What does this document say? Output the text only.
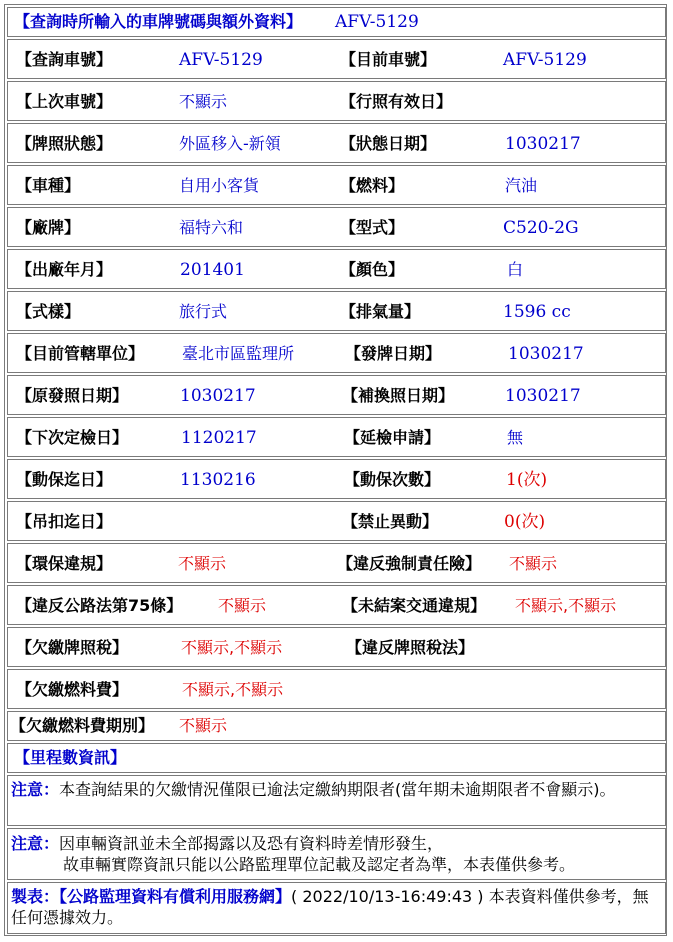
【查詢時所輸入的車牌號碼與額外資料】 AFV-5129
【查詢車號】	AFV-5129	【目前車號】	AFV-5129
【上次車號】	不顯示	【行照有效日】
【牌照狀態】	外區移入-新領	【狀態日期】	1030217
【車種】	自用小客貨	【燃料】	汽油
【廠牌】	福特六和	【型式】	C520-2G
【出廠年月】	201401	【顏色】	白
【式樣】	旅行式	【排氣量】	1596 cc
【目前管轄單位】 臺北市區監理所	【發牌日期】	1030217
【原發照日期】	1030217	【補換照日期】	1030217
【下次定檢日】	1120217	【延檢申請】	無
【動保迄日】	1130216	【動保次數】	1(次)
【吊扣迄日】	【禁止異動】	0(次)
【環保違規】	不顯示	【違反強制責任險】 不顯示
【違反公路法第75條】 不顯示	【未結案交通違規】 不顯示,不顯示
【欠繳牌照稅】	不顯示,不顯示	【違反牌照稅法】
【欠繳燃料費】	不顯示,不顯示
【欠繳燃料費期別】 不顯示
【里程數資訊】
注意：本查詢結果的欠繳情況僅限已逾法定繳納期限者(當年期未逾期限者不會顯示)。
注意：因車輛資訊並未全部揭露以及恐有資料時差情形發生，
故車輛實際資訊只能以公路監理單位記載及認定者為準，本表僅供參考。
製表：【公路監理資料有償利用服務網】( 2022/10/13-16:49:43 ) 本表資料僅供參考，無任何憑據效力。
